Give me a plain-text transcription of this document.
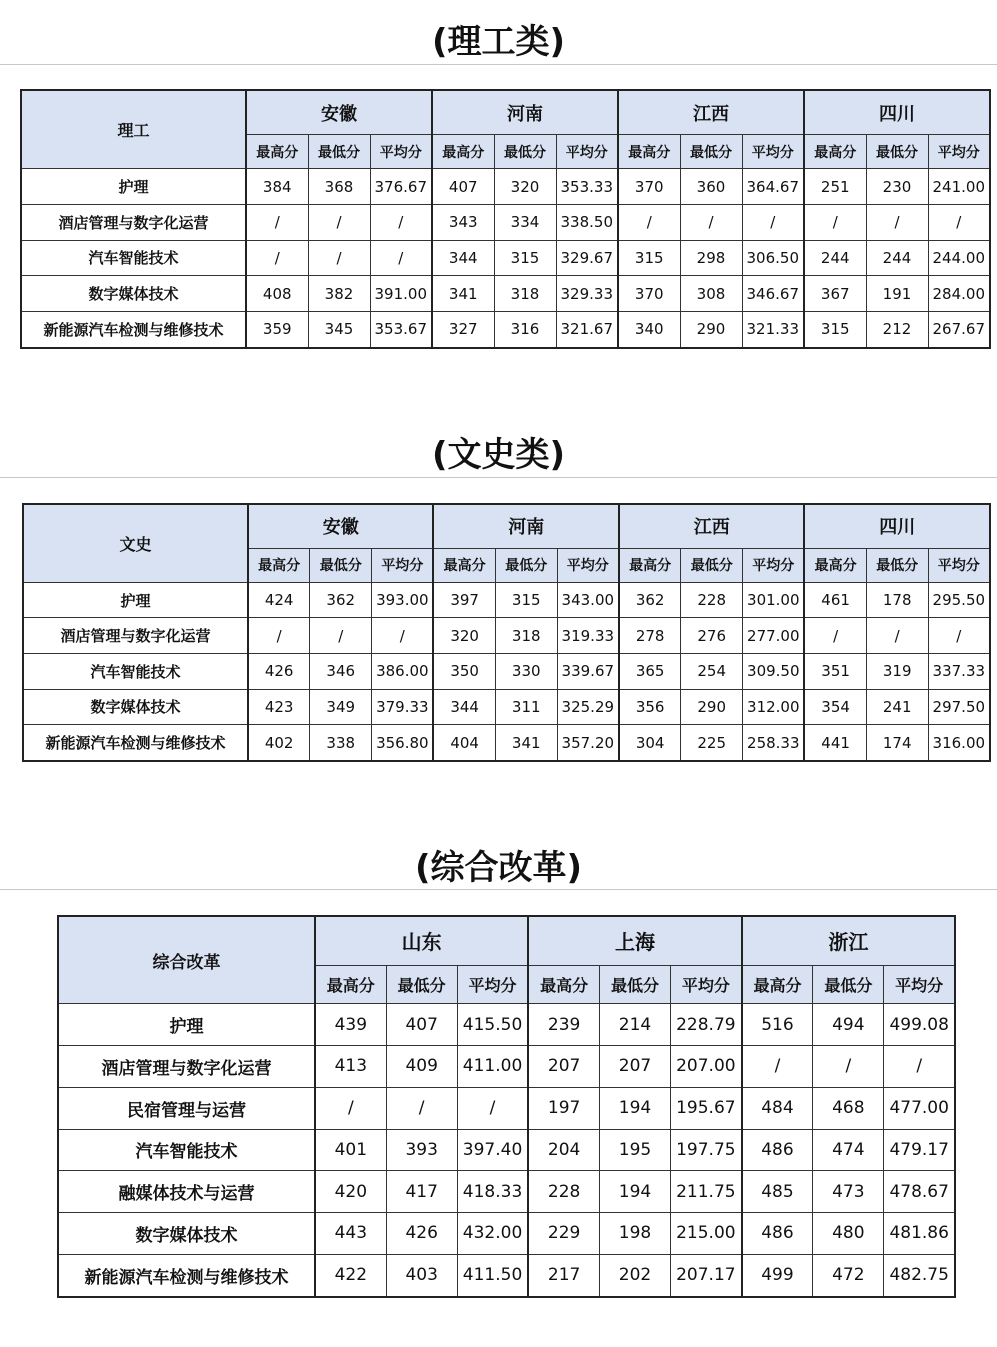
(理工类)
理工	安徽			河南			江西			四川		
	最高分	最低分	平均分	最高分	最低分	平均分	最高分	最低分	平均分	最高分	最低分	平均分
护理	384	368	376.67	407	320	353.33	370	360	364.67	251	230	241.00
酒店管理与数字化运营	/	/	/	343	334	338.50	/	/	/	/	/	/
汽车智能技术	/	/	/	344	315	329.67	315	298	306.50	244	244	244.00
数字媒体技术	408	382	391.00	341	318	329.33	370	308	346.67	367	191	284.00
新能源汽车检测与维修技术	359	345	353.67	327	316	321.67	340	290	321.33	315	212	267.67
(文史类)
文史	安徽			河南			江西			四川		
	最高分	最低分	平均分	最高分	最低分	平均分	最高分	最低分	平均分	最高分	最低分	平均分
护理	424	362	393.00	397	315	343.00	362	228	301.00	461	178	295.50
酒店管理与数字化运营	/	/	/	320	318	319.33	278	276	277.00	/	/	/
汽车智能技术	426	346	386.00	350	330	339.67	365	254	309.50	351	319	337.33
数字媒体技术	423	349	379.33	344	311	325.29	356	290	312.00	354	241	297.50
新能源汽车检测与维修技术	402	338	356.80	404	341	357.20	304	225	258.33	441	174	316.00
(综合改革)
综合改革	山东			上海			浙江		
	最高分	最低分	平均分	最高分	最低分	平均分	最高分	最低分	平均分
护理	439	407	415.50	239	214	228.79	516	494	499.08
酒店管理与数字化运营	413	409	411.00	207	207	207.00	/	/	/
民宿管理与运营	/	/	/	197	194	195.67	484	468	477.00
汽车智能技术	401	393	397.40	204	195	197.75	486	474	479.17
融媒体技术与运营	420	417	418.33	228	194	211.75	485	473	478.67
数字媒体技术	443	426	432.00	229	198	215.00	486	480	481.86
新能源汽车检测与维修技术	422	403	411.50	217	202	207.17	499	472	482.75
